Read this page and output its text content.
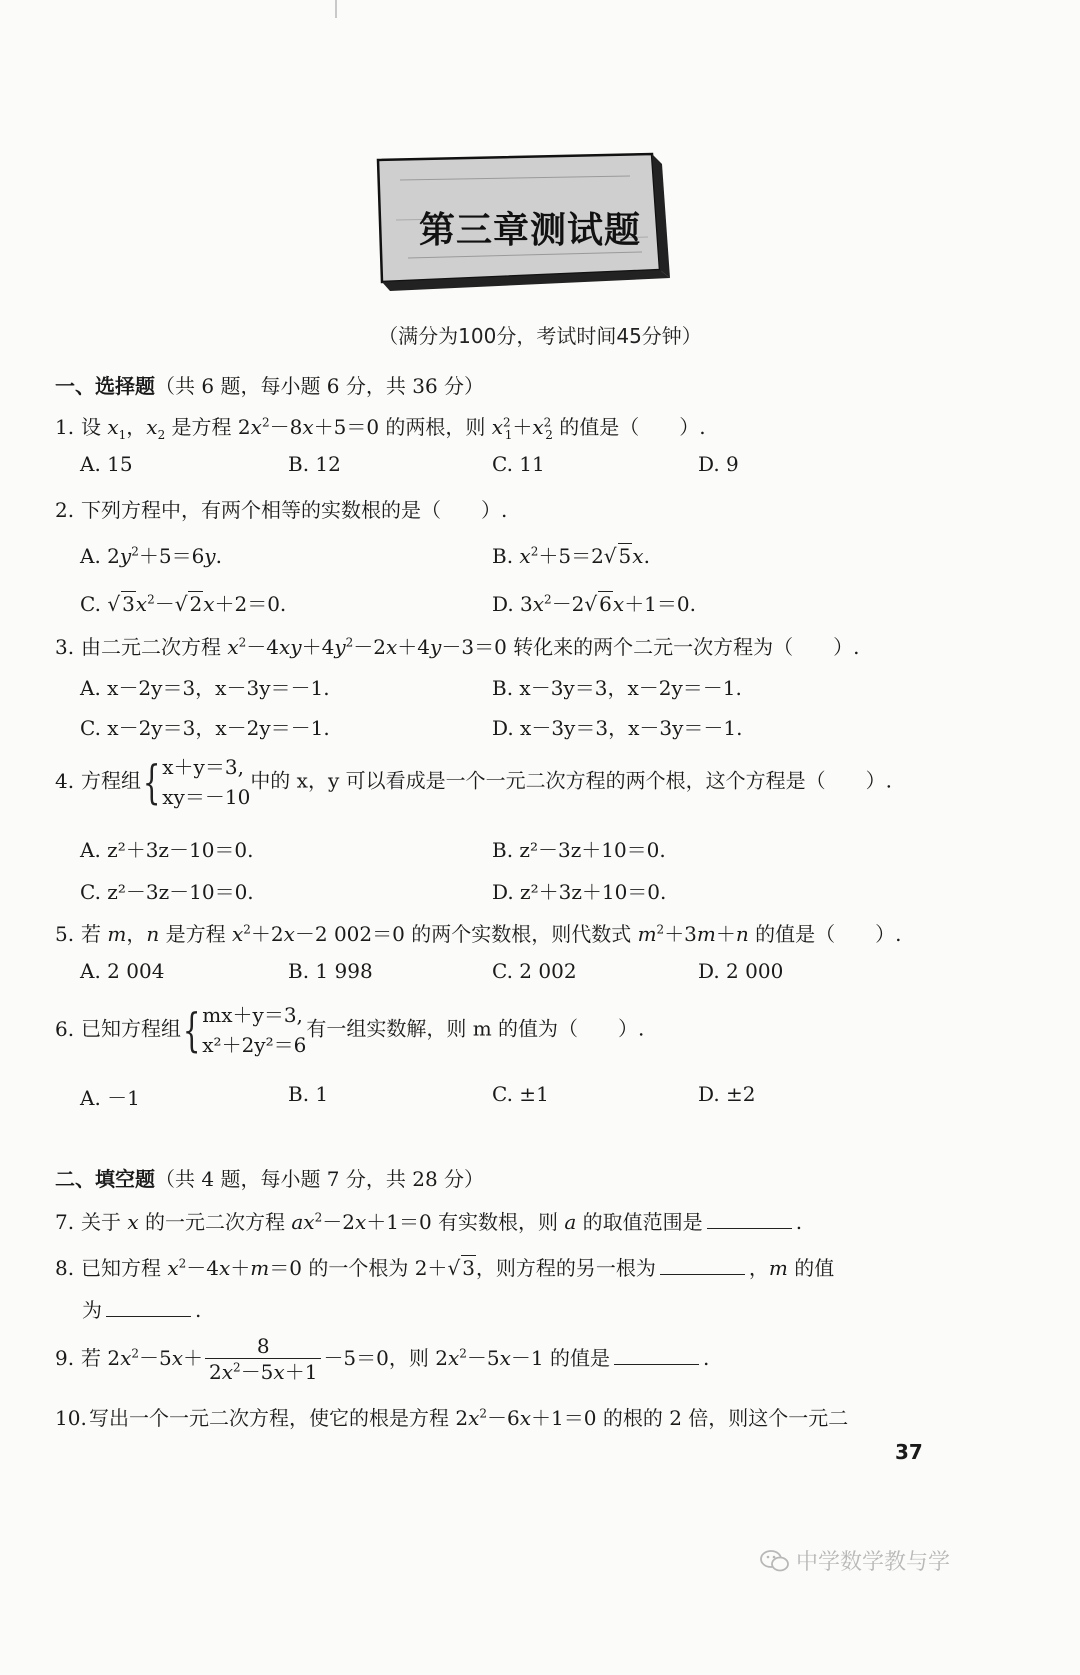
第三章测试题
（满分为100分，考试时间45分钟）
一、选择题（共 6 题，每小题 6 分，共 36 分）
1. 设 $x_1$，$x_2$ 是方程 $2x^2-8x+5=0$ 的两根，则 $x^2_1+x^2_2$ 的值是（　　）.
A. 15	B. 12	C. 11	D. 9
2. 下列方程中，有两个相等的实数根的是（　　）.
A. $2y^2+5=6y$.	B. $x^2+5=2√$ 5x.
C. √ $3x^2-√$ 2x＋2＝0.	D. $3x^2-2√$ 6x＋1＝0.
3. 由二元二次方程 $x^2-4xy+4y^2-2x+4y-3=0$ 转化来的两个二元一次方程为（　　）.
A. x－2y＝3，x－3y＝－1.	B. x－3y＝3，x－2y＝－1.
C. x－2y＝3，x－2y＝－1.	D. x－3y＝3，x－3y＝－1.
4. 方程组 { x＋y＝3,
xy＝－10
中的 x，y 可以看成是一个一元二次方程的两个根，这个方程是（　　）.
A. z²＋3z－10＝0.	B. z²－3z＋10＝0.
C. z²－3z－10＝0.	D. z²＋3z＋10＝0.
5. 若 m，n 是方程 $x^2+2x-2$ 002＝0 的两个实数根，则代数式 $m^2+3m+n$ 的值是（　　）.
A. 2 004	B. 1 998	C. 2 002	D. 2 000
6. 已知方程组 { mx＋y＝3,
x²＋2y²＝6
有一组实数解，则 m 的值为（　　）.
A. －1	B. 1	C. ±1	D. ±2
二、填空题（共 4 题，每小题 7 分，共 28 分）
7. 关于 x 的一元二次方程 $ax^2-2x+1=0$ 有实数根，则 a 的取值范围是	.
8. 已知方程 $x^2-4x+m=0$ 的一个根为 2＋√ 3，则方程的另一根为	，m 的值
为	.
9. 若 $2x^2-5x+ \frac{8}{2x^2-5x+1} -5=0$，则 $2x^2-5x-1$ 的值是	.
10. 写出一个一元二次方程，使它的根是方程 $2x^2-6x+1=0$ 的根的 2 倍，则这个一元二
37
中学数学教与学
